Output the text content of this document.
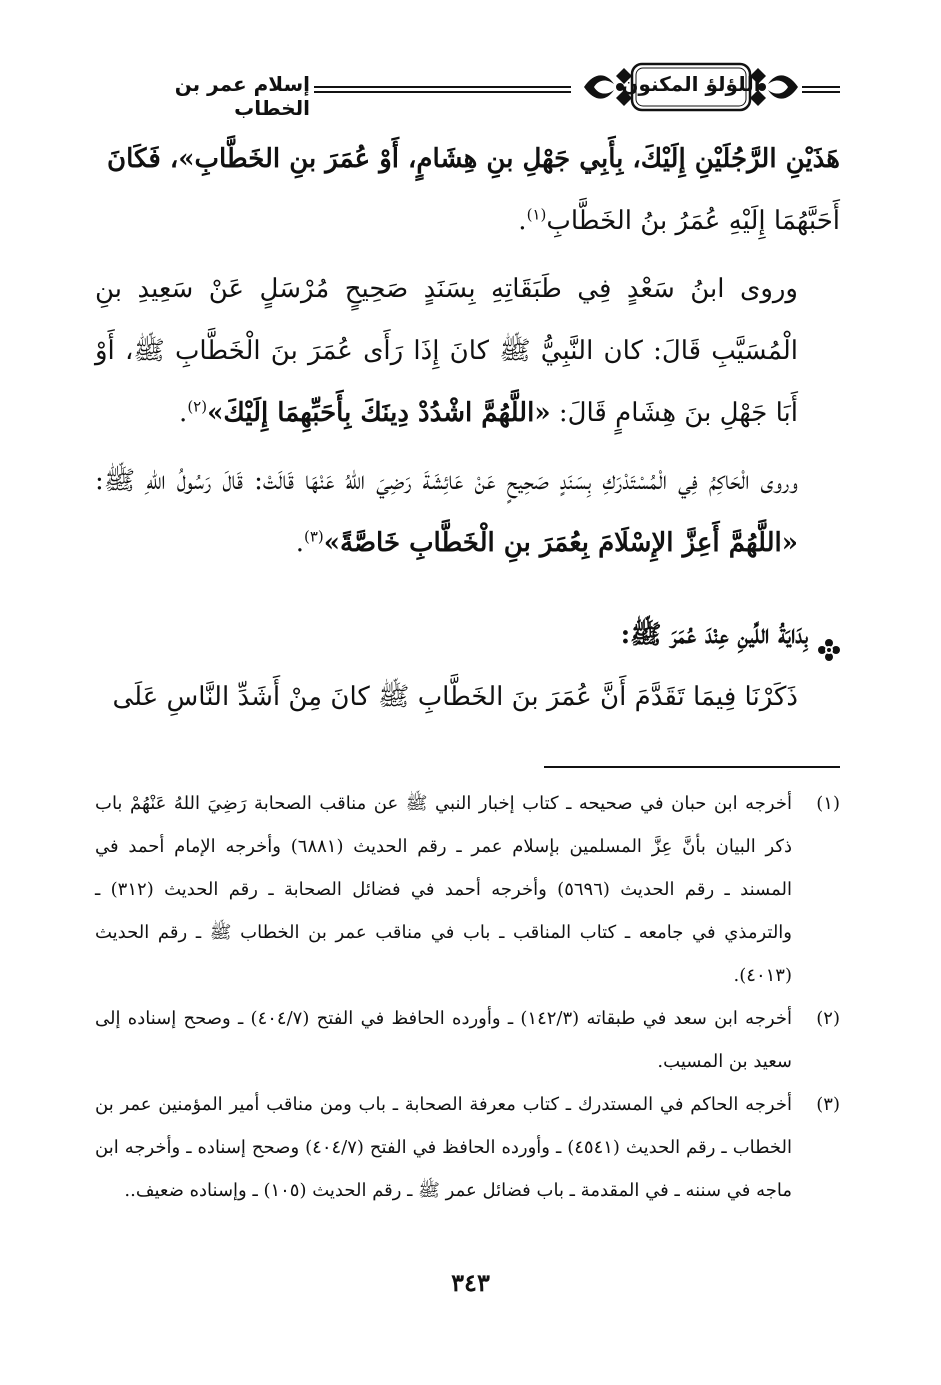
اللؤلؤ المكنون
إسلام عمر بن الخطاب

هَذَيْنِ الرَّجُلَيْنِ إِلَيْكَ، بِأَبِي جَهْلِ بنِ هِشَامٍ، أَوْ عُمَرَ بنِ الخَطَّابِ»، فَكَانَ

أَحَبَّهُمَا إِلَيْهِ عُمَرُ بنُ الخَطَّابِ$^{(١)}$.

وروى ابنُ سَعْدٍ فِي طَبَقَاتِهِ بِسَنَدٍ صَحِيحٍ مُرْسَلٍ عَنْ سَعِيدِ بنِ الْمُسَيَّبِ قَالَ: كان النَّبِيُّ ﷺ كانَ إِذَا رَأَى عُمَرَ بنَ الْخَطَّابِ ﷺ، أَوْ أَبَا جَهْلِ بنَ هِشَامٍ قَالَ: «اللَّهُمَّ اشْدُدْ دِينَكَ بِأَحَبِّهِمَا إِلَيْكَ»$^{(٢)}$.

وروى الْحَاكِمُ فِي الْمُسْتَدْرَكِ بِسَنَدٍ صَحِيحٍ عَنْ عَائِشَةَ رَضِيَ اللهُ عَنْهَا قَالَتْ: قَالَ رَسُولُ اللهِ ﷺ: «اللَّهُمَّ أَعِزَّ الإِسْلَامَ بِعُمَرَ بنِ الْخَطَّابِ خَاصَّةً»$^{(٣)}$.

بِدَايَةُ اللِّينِ عِنْدَ عُمَرَ ﷺ:

ذَكَرْنَا فِيمَا تَقَدَّمَ أَنَّ عُمَرَ بنَ الخَطَّابِ ﷺ كانَ مِنْ أَشَدِّ النَّاسِ عَلَى

(١)
أخرجه ابن حبان في صحيحه ـ كتاب إخبار النبي ﷺ عن مناقب الصحابة رَضِيَ اللهُ عَنْهُمْ باب ذكر البيان بأنَّ عِزَّ المسلمين بإسلام عمر ـ رقم الحديث (٦٨٨١) وأخرجه الإمام أحمد في المسند ـ رقم الحديث (٥٦٩٦) وأخرجه أحمد في فضائل الصحابة ـ رقم الحديث (٣١٢) ـ والترمذي في جامعه ـ كتاب المناقب ـ باب في مناقب عمر بن الخطاب ﷺ ـ رقم الحديث (٤٠١٣).
(٢)
أخرجه ابن سعد في طبقاته (١٤٢/٣) ـ وأورده الحافظ في الفتح (٤٠٤/٧) ـ وصحح إسناده إلى سعيد بن المسيب.
(٣)
أخرجه الحاكم في المستدرك ـ كتاب معرفة الصحابة ـ باب ومن مناقب أمير المؤمنين عمر بن الخطاب ـ رقم الحديث (٤٥٤١) ـ وأورده الحافظ في الفتح (٤٠٤/٧) وصحح إسناده ـ وأخرجه ابن ماجه في سننه ـ في المقدمة ـ باب فضائل عمر ﷺ ـ رقم الحديث (١٠٥) ـ وإسناده ضعيف..
٣٤٣
